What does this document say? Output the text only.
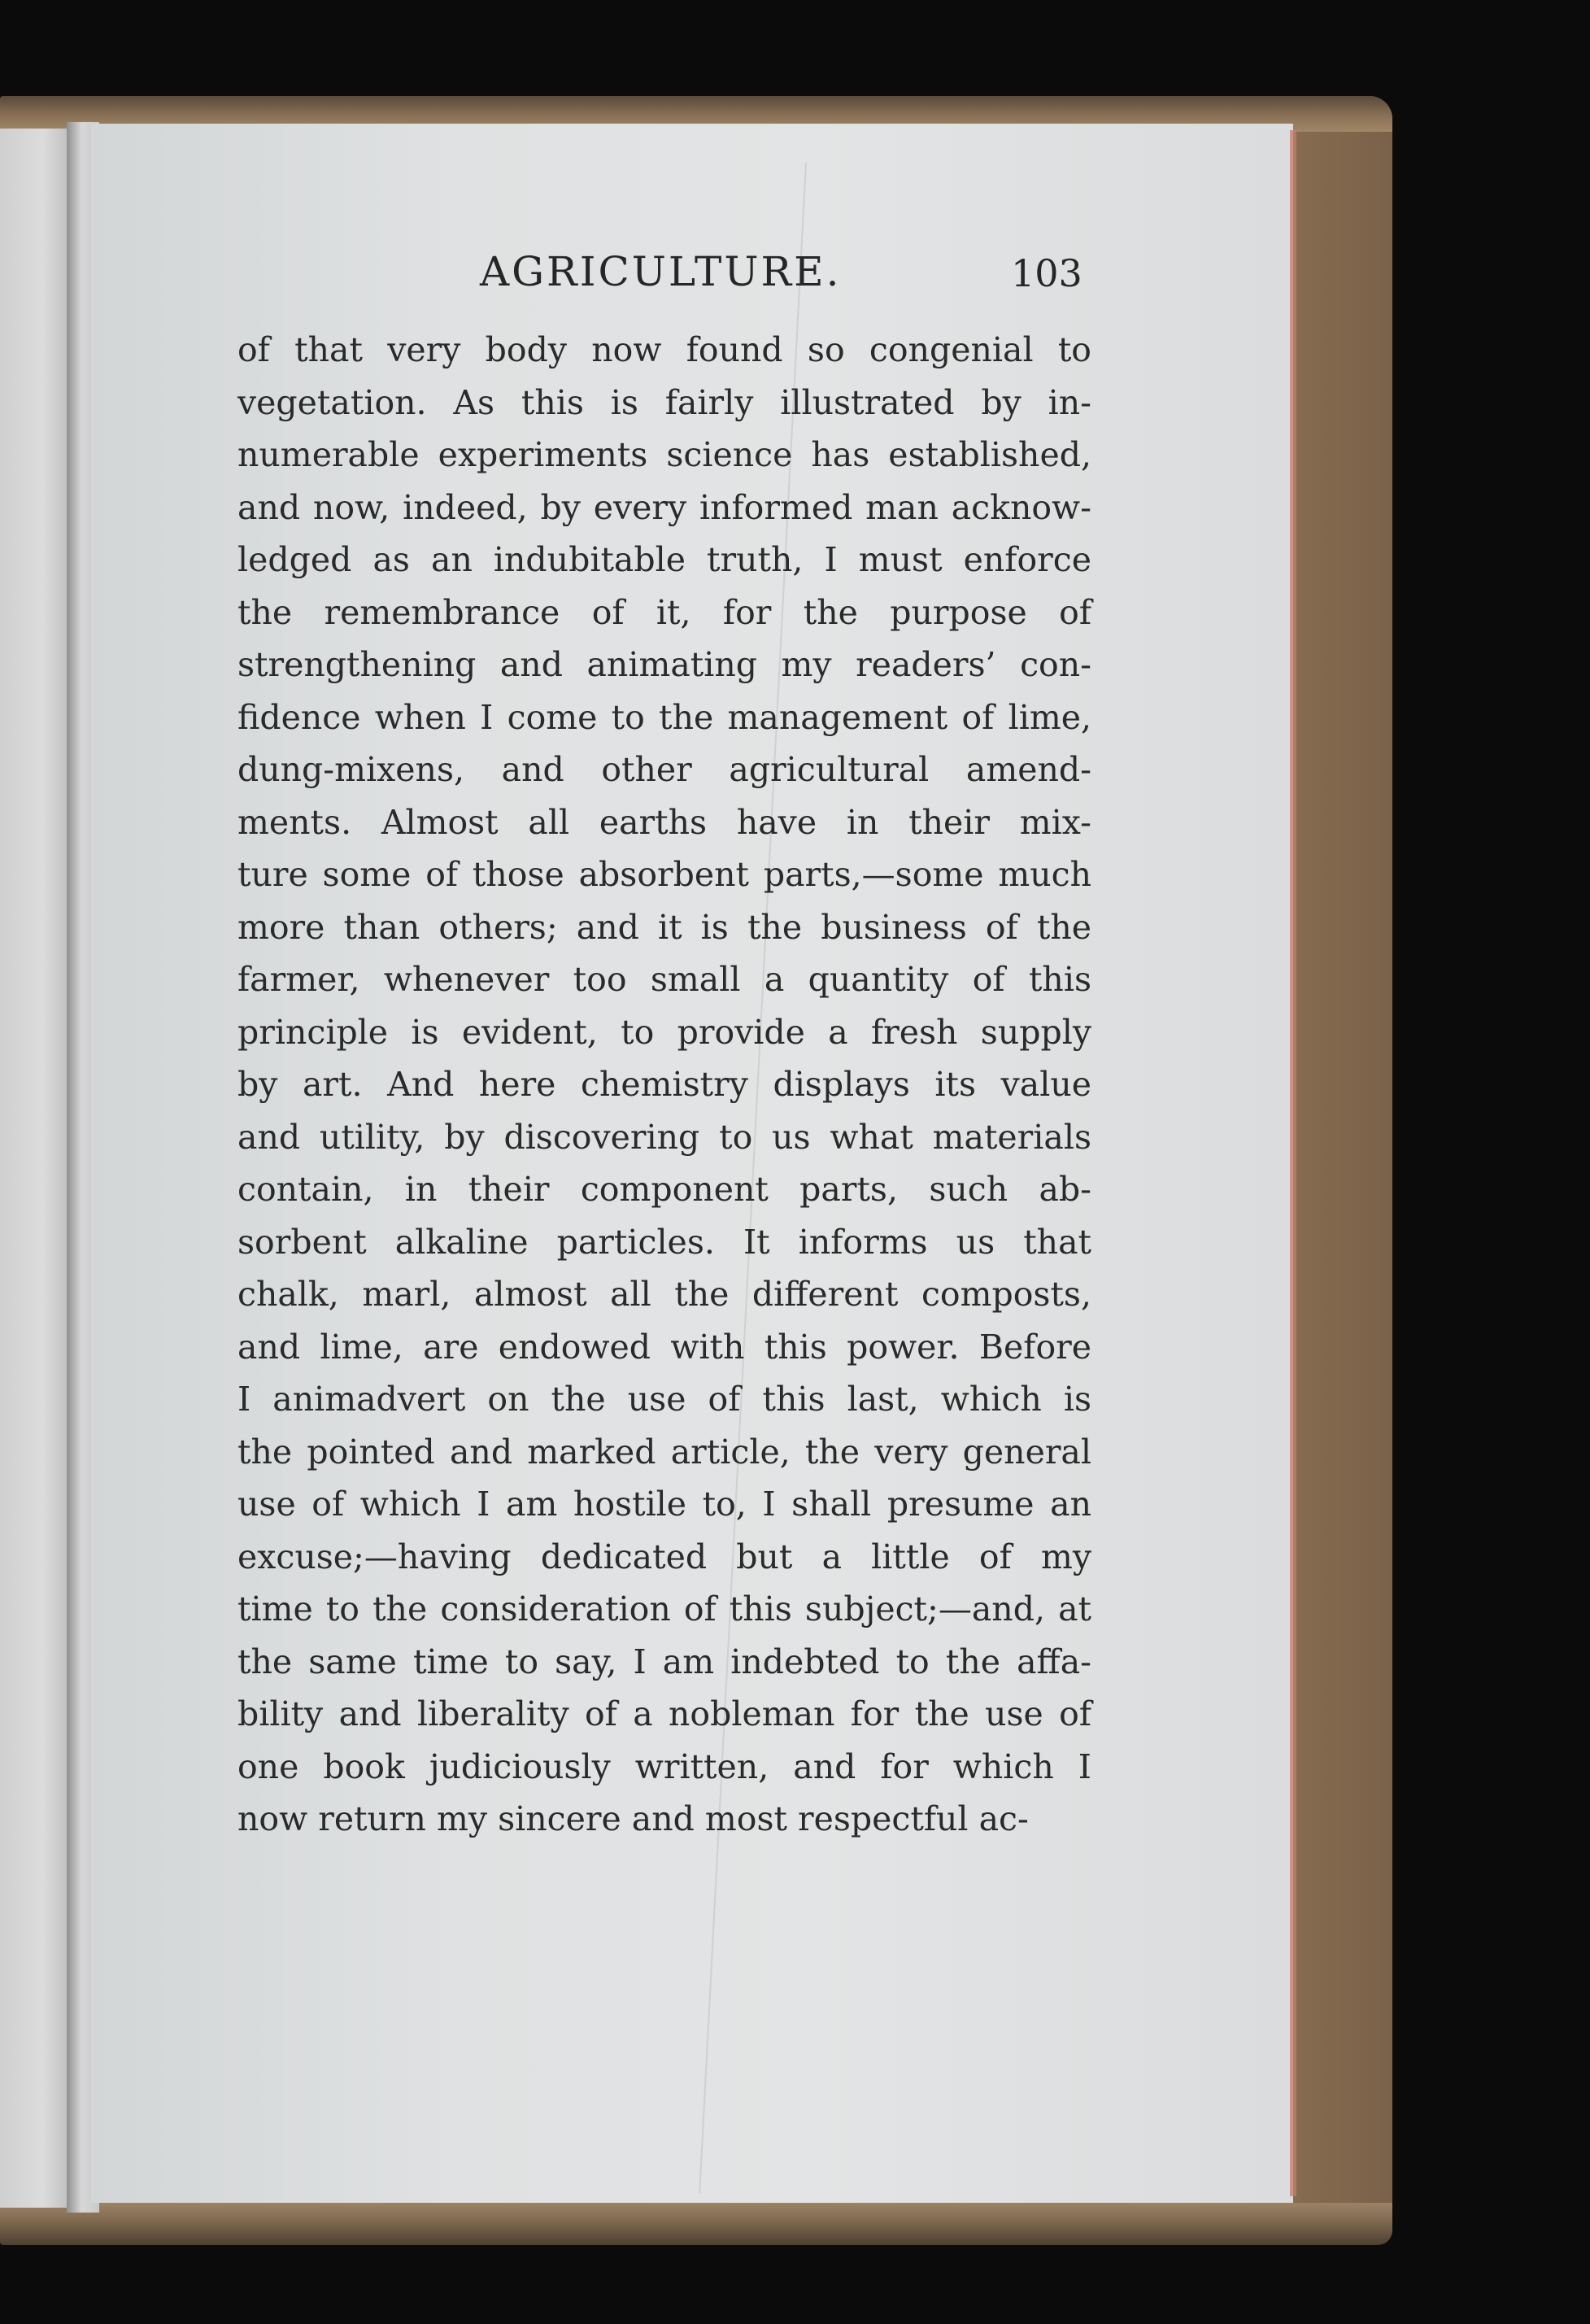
AGRICULTURE.	103
of that very body now found so congenial to
vegetation. As this is fairly illustrated by in-
numerable experiments science has established,
and now, indeed, by every informed man acknow-
ledged as an indubitable truth, I must enforce
the remembrance of it, for the purpose of
strengthening and animating my readers’ con-
fidence when I come to the management of lime,
dung-mixens, and other agricultural amend-
ments. Almost all earths have in their mix-
ture some of those absorbent parts,—some much
more than others; and it is the business of the
farmer, whenever too small a quantity of this
principle is evident, to provide a fresh supply
by art. And here chemistry displays its value
and utility, by discovering to us what materials
contain, in their component parts, such ab-
sorbent alkaline particles. It informs us that
chalk, marl, almost all the different composts,
and lime, are endowed with this power. Before
I animadvert on the use of this last, which is
the pointed and marked article, the very general
use of which I am hostile to, I shall presume an
excuse;—having dedicated but a little of my
time to the consideration of this subject;—and, at
the same time to say, I am indebted to the affa-
bility and liberality of a nobleman for the use of
one book judiciously written, and for which I
now return my sincere and most respectful ac-
